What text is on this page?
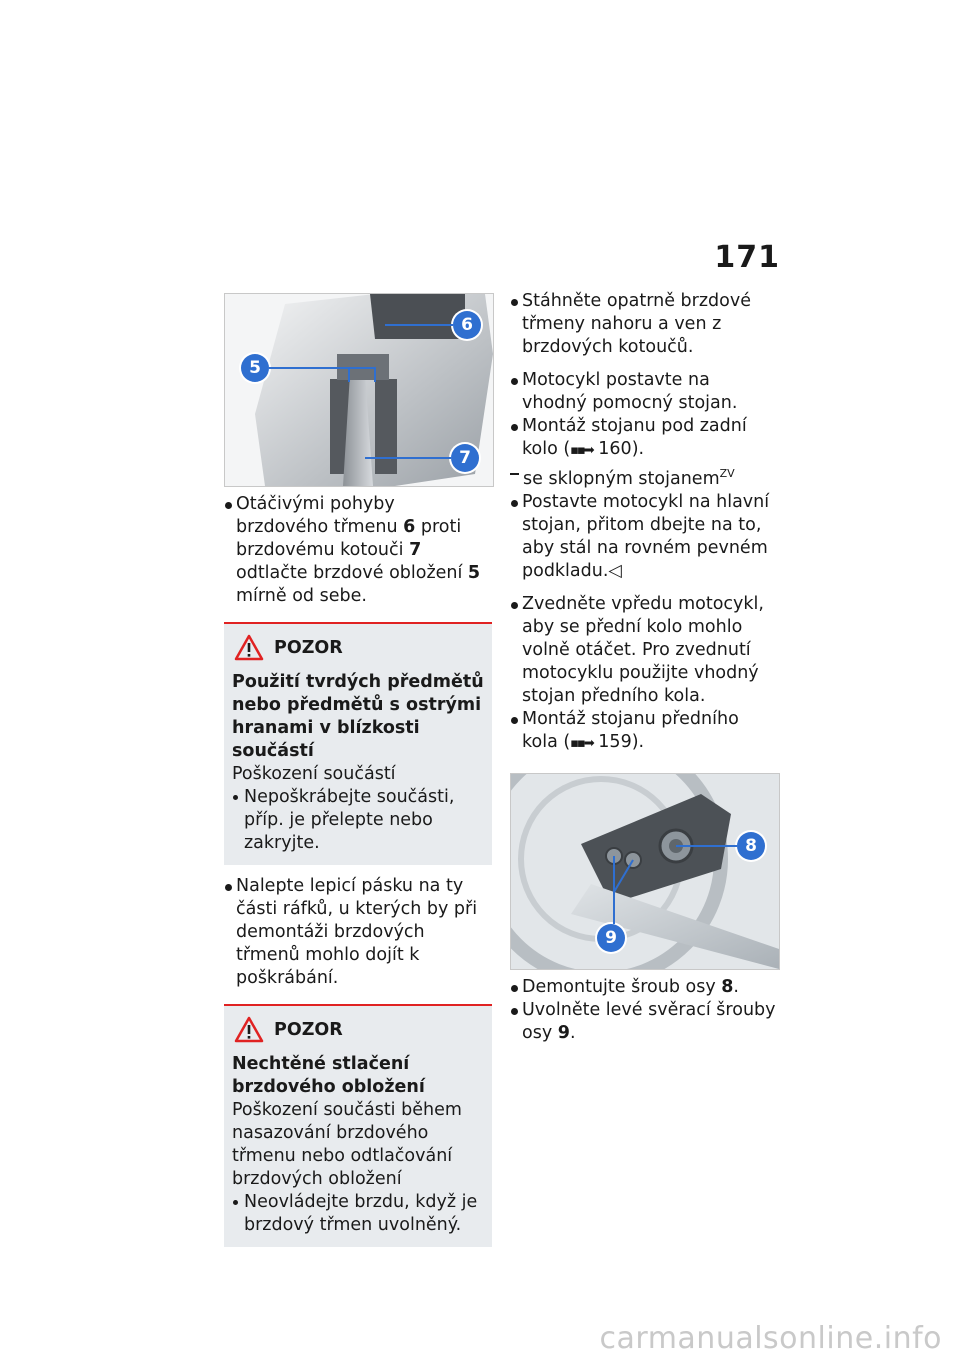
171
5
6
7

Otáčivými pohyby brzdového třmenu 6 proti brzdovému kotouči 7 odtlačte brzdové obložení 5 mírně od sebe.

POZOR
Použití tvrdých předmětů nebo předmětů s ostrými hranami v blízkosti součástí
Poškození součástí
Nepoškrábejte součásti, příp. je přelepte nebo zakryjte.

Nalepte lepicí pásku na ty části ráfků, u kterých by při demontáži brzdových třmenů mohlo dojít k poškrábání.

POZOR
Nechtěné stlačení brzdového obložení
Poškození součásti během nasazování brzdového třmenu nebo odtlačování brzdových obložení
Neovládejte brzdu, když je brzdový třmen uvolněný.

Stáhněte opatrně brzdové třmeny nahoru a ven z brzdových kotoučů.

Motocykl postavte na vhodný pomocný stojan.

Montáž stojanu pod zadní kolo (▪▪➡ 160).

se sklopným stojanem$^{ZV}$

Postavte motocykl na hlavní stojan, přitom dbejte na to, aby stál na rovném pevném podkladu.◁

Zvedněte vpředu motocykl, aby se přední kolo mohlo volně otáčet. Pro zvednutí motocyklu použijte vhodný stojan předního kola.

Montáž stojanu předního kola (▪▪➡ 159).

8
9

Demontujte šroub osy 8.

Uvolněte levé svěrací šrouby osy 9.

carmanualsonline.info
